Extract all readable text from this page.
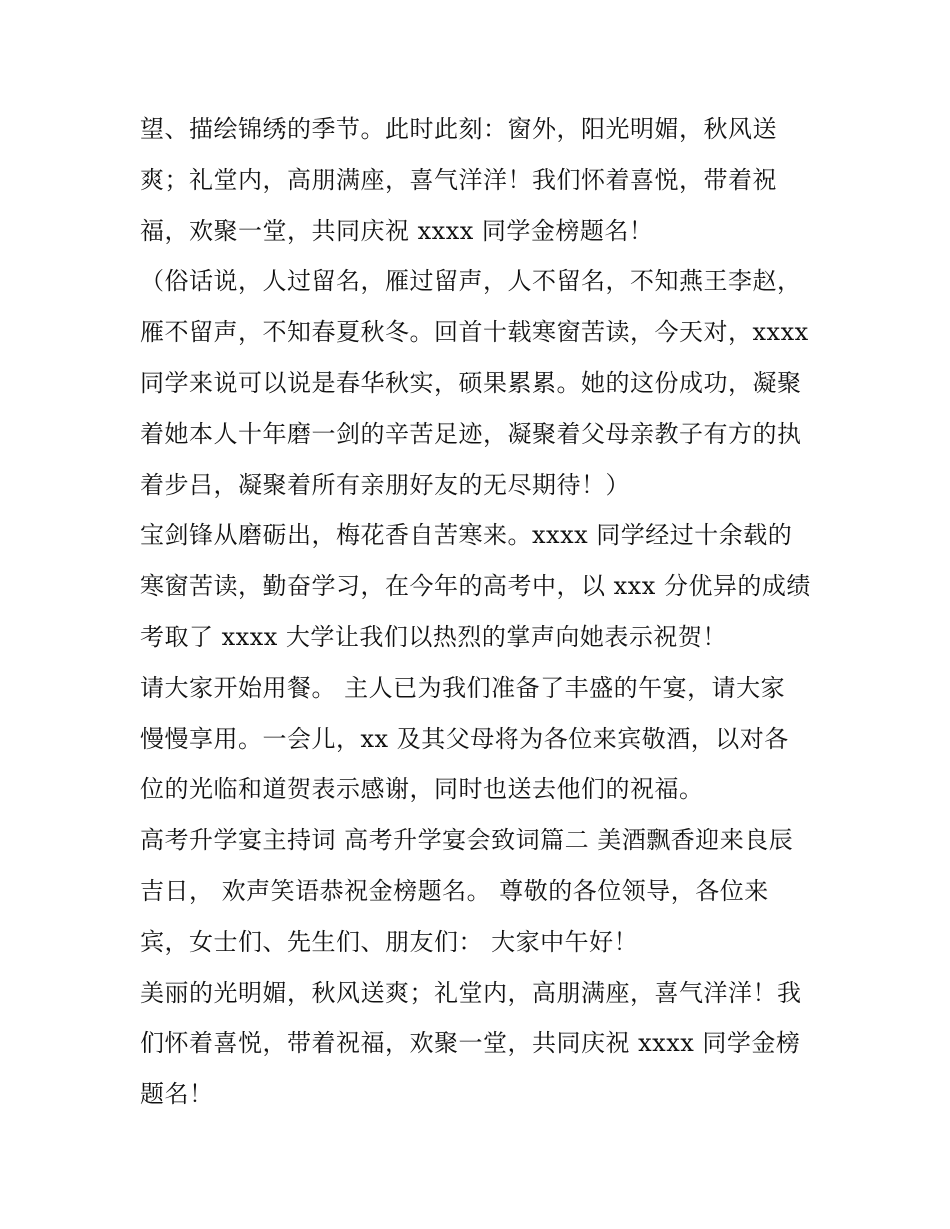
望、描绘锦绣的季节。此时此刻：窗外，阳光明媚，秋风送
爽；礼堂内，高朋满座，喜气洋洋！我们怀着喜悦，带着祝
福，欢聚一堂，共同庆祝 xxxx 同学金榜题名！
（俗话说，人过留名，雁过留声，人不留名，不知燕王李赵，
雁不留声，不知春夏秋冬。回首十载寒窗苦读，今天对，xxxx
同学来说可以说是春华秋实，硕果累累。她的这份成功，凝聚
着她本人十年磨一剑的辛苦足迹，凝聚着父母亲教子有方的执
着步吕，凝聚着所有亲朋好友的无尽期待！）
宝剑锋从磨砺出，梅花香自苦寒来。xxxx 同学经过十余载的
寒窗苦读，勤奋学习，在今年的高考中，以 xxx 分优异的成绩
考取了 xxxx 大学让我们以热烈的掌声向她表示祝贺！
请大家开始用餐。 主人已为我们准备了丰盛的午宴，请大家
慢慢享用。一会儿，xx 及其父母将为各位来宾敬酒，以对各
位的光临和道贺表示感谢，同时也送去他们的祝福。
高考升学宴主持词 高考升学宴会致词篇二 美酒飘香迎来良辰
吉日， 欢声笑语恭祝金榜题名。 尊敬的各位领导，各位来
宾，女士们、先生们、朋友们： 大家中午好！
美丽的光明媚，秋风送爽；礼堂内，高朋满座，喜气洋洋！我
们怀着喜悦，带着祝福，欢聚一堂，共同庆祝 xxxx 同学金榜
题名！
